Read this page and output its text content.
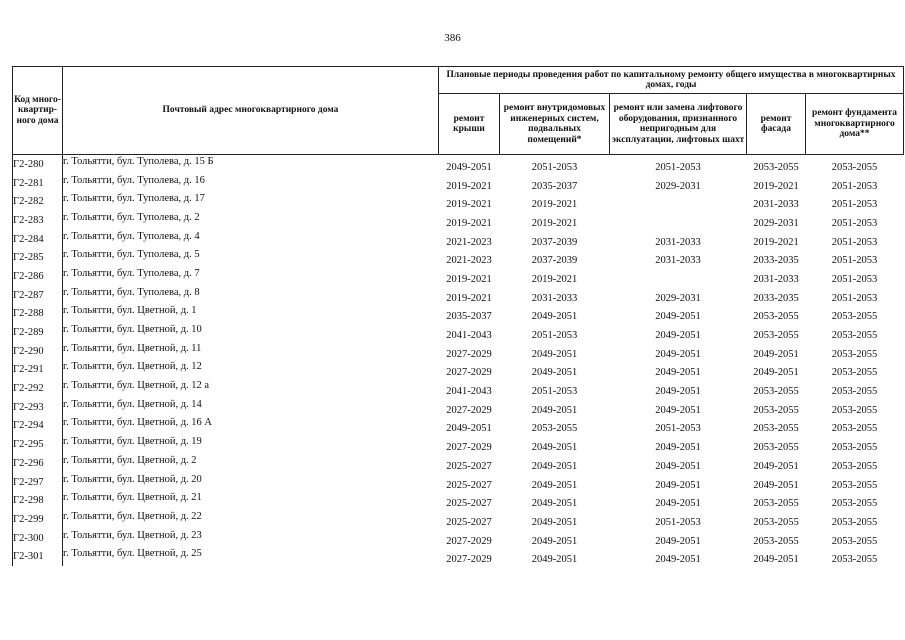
386
Код много-квартир-ного дома	Почтовый адрес многоквартирного дома	Плановые периоды проведения работ по капитальному ремонту общего имущества в многоквартирных домах, годы				
		ремонт крыши	ремонт внутридомовых инженерных систем, подвальных помещений*	ремонт или замена лифтового оборудования, признанного непригодным для эксплуатации, лифтовых шахт	ремонт фасада	ремонт фундамента многоквартирного дома**
Г2-280	г. Тольятти, бул. Туполева, д. 15 Б	2049-2051	2051-2053	2051-2053	2053-2055	2053-2055
Г2-281	г. Тольятти, бул. Туполева, д. 16	2019-2021	2035-2037	2029-2031	2019-2021	2051-2053
Г2-282	г. Тольятти, бул. Туполева, д. 17	2019-2021	2019-2021		2031-2033	2051-2053
Г2-283	г. Тольятти, бул. Туполева, д. 2	2019-2021	2019-2021		2029-2031	2051-2053
Г2-284	г. Тольятти, бул. Туполева, д. 4	2021-2023	2037-2039	2031-2033	2019-2021	2051-2053
Г2-285	г. Тольятти, бул. Туполева, д. 5	2021-2023	2037-2039	2031-2033	2033-2035	2051-2053
Г2-286	г. Тольятти, бул. Туполева, д. 7	2019-2021	2019-2021		2031-2033	2051-2053
Г2-287	г. Тольятти, бул. Туполева, д. 8	2019-2021	2031-2033	2029-2031	2033-2035	2051-2053
Г2-288	г. Тольятти, бул. Цветной, д. 1	2035-2037	2049-2051	2049-2051	2053-2055	2053-2055
Г2-289	г. Тольятти, бул. Цветной, д. 10	2041-2043	2051-2053	2049-2051	2053-2055	2053-2055
Г2-290	г. Тольятти, бул. Цветной, д. 11	2027-2029	2049-2051	2049-2051	2049-2051	2053-2055
Г2-291	г. Тольятти, бул. Цветной, д. 12	2027-2029	2049-2051	2049-2051	2049-2051	2053-2055
Г2-292	г. Тольятти, бул. Цветной, д. 12 а	2041-2043	2051-2053	2049-2051	2053-2055	2053-2055
Г2-293	г. Тольятти, бул. Цветной, д. 14	2027-2029	2049-2051	2049-2051	2053-2055	2053-2055
Г2-294	г. Тольятти, бул. Цветной, д. 16 А	2049-2051	2053-2055	2051-2053	2053-2055	2053-2055
Г2-295	г. Тольятти, бул. Цветной, д. 19	2027-2029	2049-2051	2049-2051	2053-2055	2053-2055
Г2-296	г. Тольятти, бул. Цветной, д. 2	2025-2027	2049-2051	2049-2051	2049-2051	2053-2055
Г2-297	г. Тольятти, бул. Цветной, д. 20	2025-2027	2049-2051	2049-2051	2049-2051	2053-2055
Г2-298	г. Тольятти, бул. Цветной, д. 21	2025-2027	2049-2051	2049-2051	2053-2055	2053-2055
Г2-299	г. Тольятти, бул. Цветной, д. 22	2025-2027	2049-2051	2051-2053	2053-2055	2053-2055
Г2-300	г. Тольятти, бул. Цветной, д. 23	2027-2029	2049-2051	2049-2051	2053-2055	2053-2055
Г2-301	г. Тольятти, бул. Цветной, д. 25	2027-2029	2049-2051	2049-2051	2049-2051	2053-2055
